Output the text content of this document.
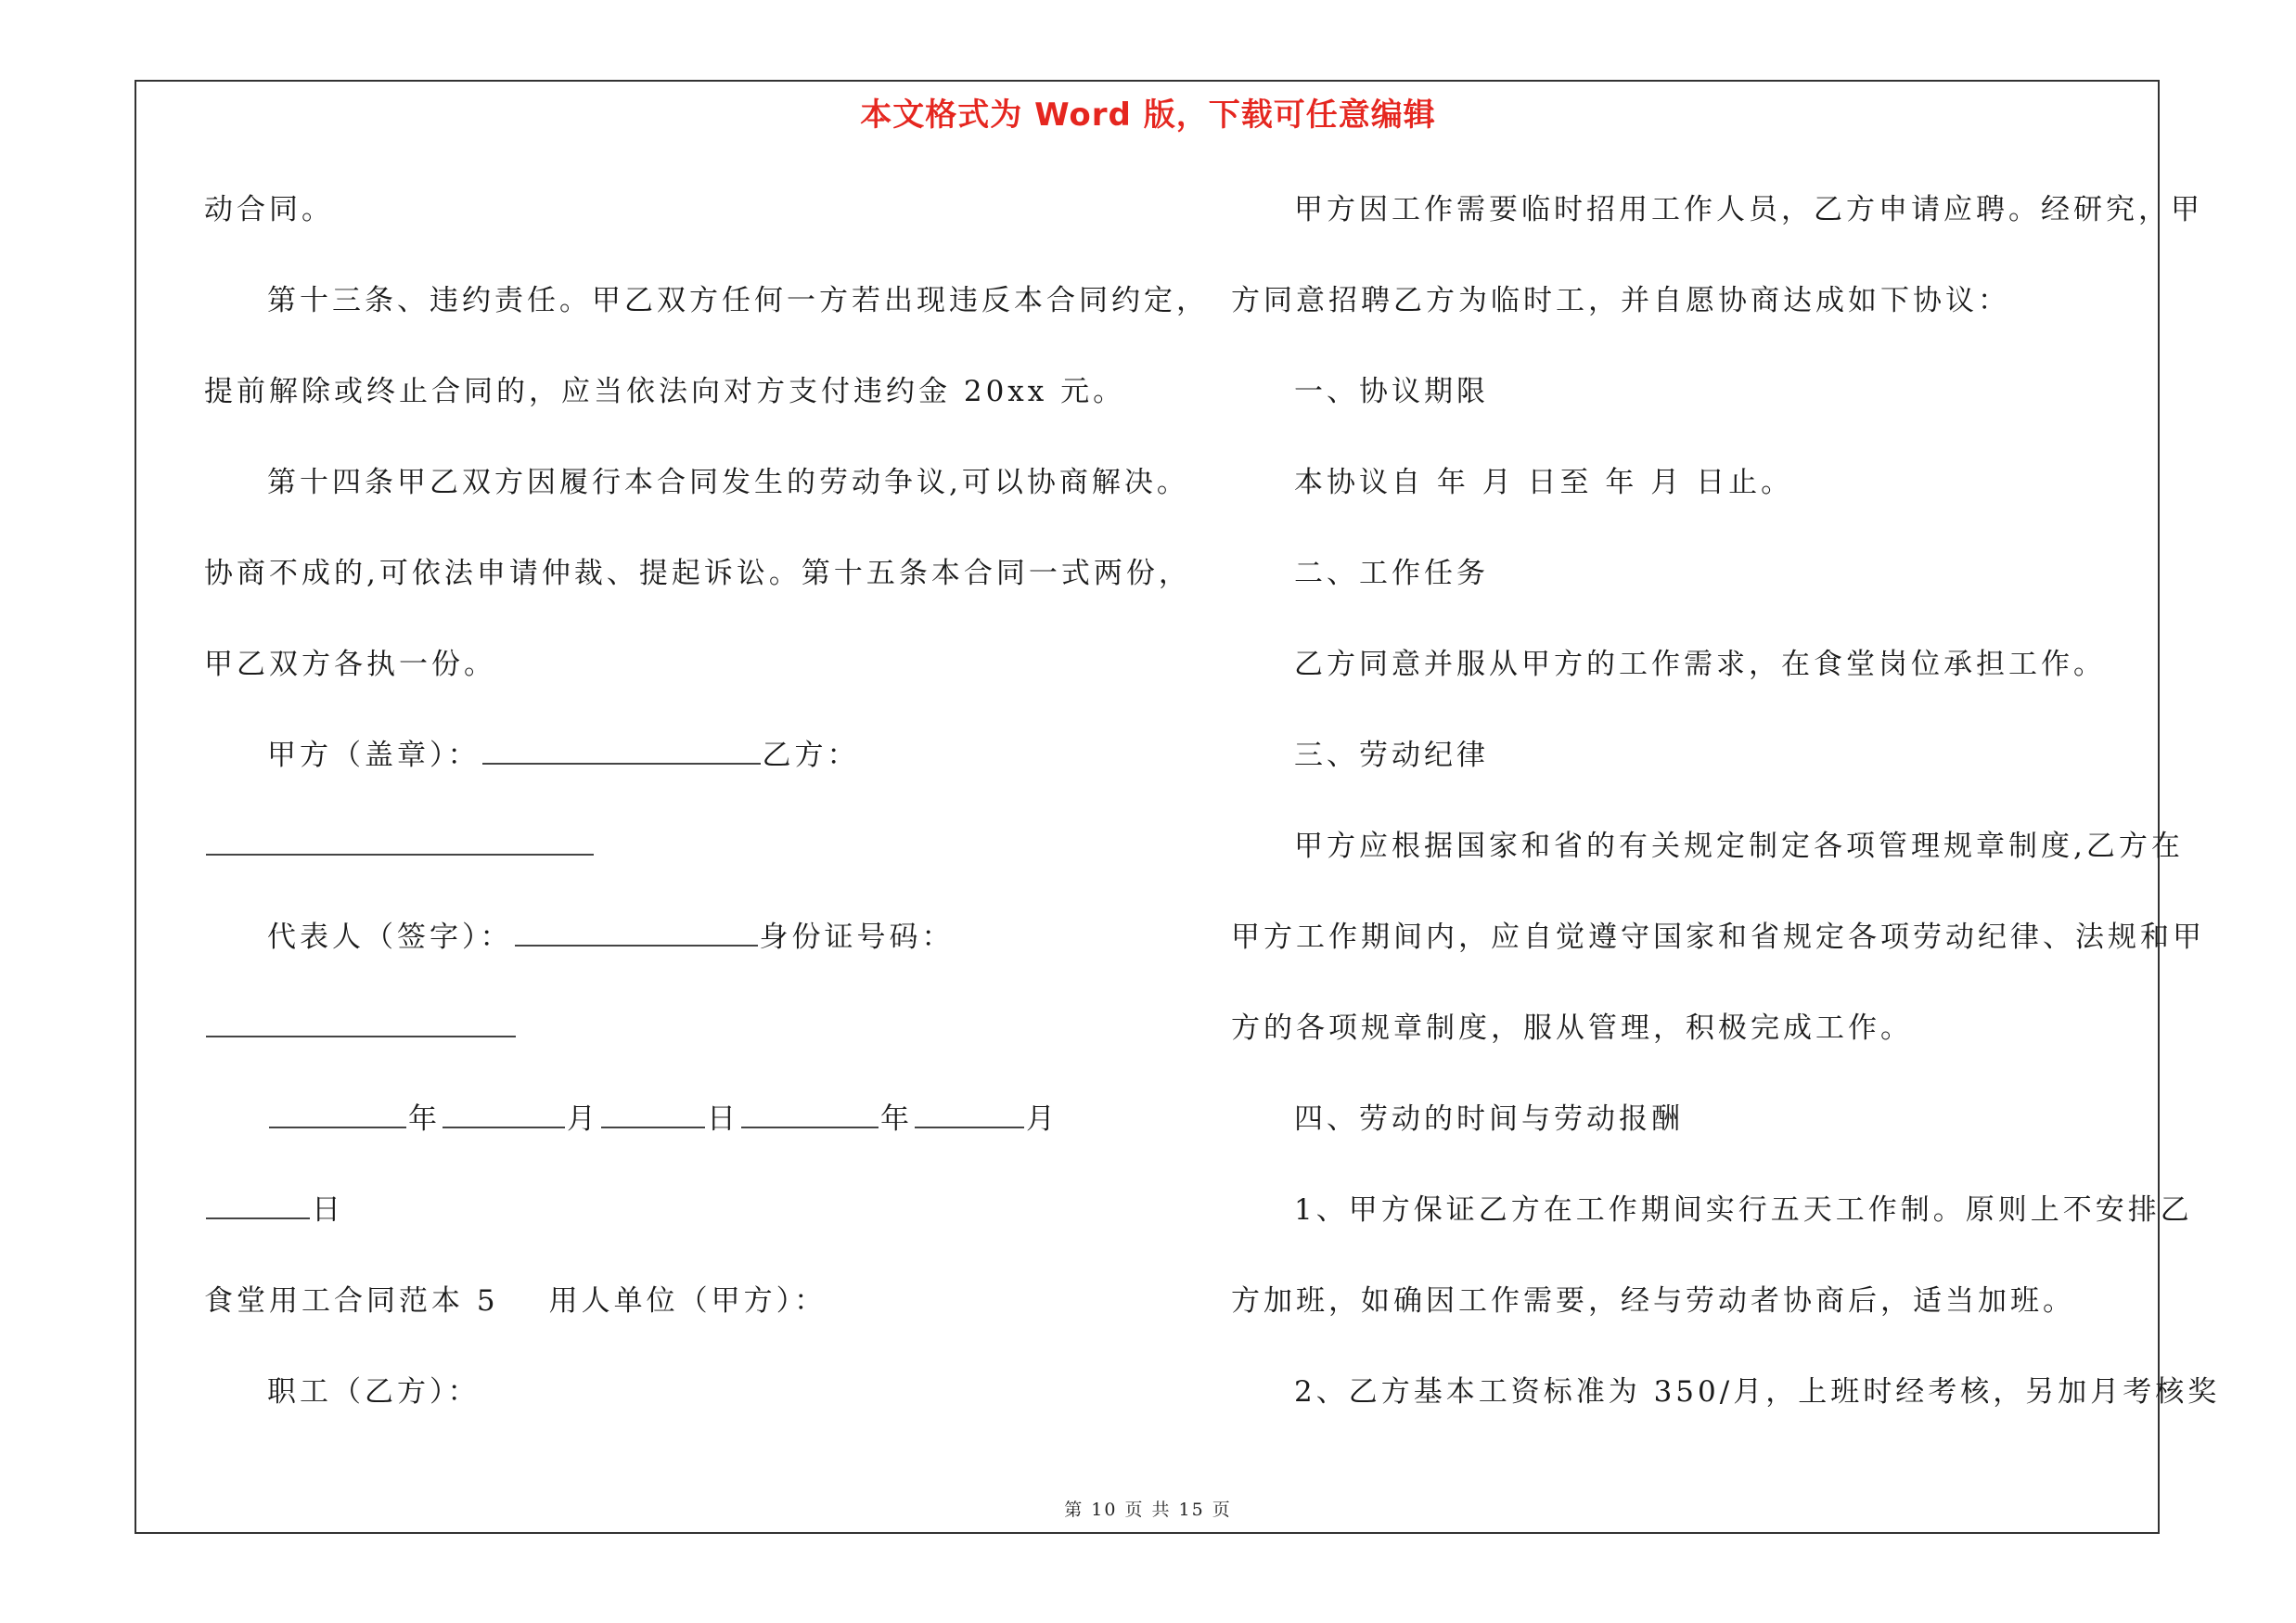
本文格式为 Word 版，下载可任意编辑
动合同。
第十三条、违约责任。甲乙双方任何一方若出现违反本合同约定，
提前解除或终止合同的，应当依法向对方支付违约金 20xx 元。
第十四条甲乙双方因履行本合同发生的劳动争议,可以协商解决。
协商不成的,可依法申请仲裁、提起诉讼。第十五条本合同一式两份，
甲乙双方各执一份。
甲方（盖章）：	乙方：
代表人（签字）：	身份证号码：
年	月	日	年	月
日
食堂用工合同范本 5 用人单位（甲方）：
职工（乙方）：
甲方因工作需要临时招用工作人员，乙方申请应聘。经研究，甲
方同意招聘乙方为临时工，并自愿协商达成如下协议：
一、协议期限
本协议自 年 月 日至 年 月 日止。
二、工作任务
乙方同意并服从甲方的工作需求，在食堂岗位承担工作。
三、劳动纪律
甲方应根据国家和省的有关规定制定各项管理规章制度,乙方在
甲方工作期间内，应自觉遵守国家和省规定各项劳动纪律、法规和甲
方的各项规章制度，服从管理，积极完成工作。
四、劳动的时间与劳动报酬
1、甲方保证乙方在工作期间实行五天工作制。原则上不安排乙
方加班，如确因工作需要，经与劳动者协商后，适当加班。
2、乙方基本工资标准为 350/月，上班时经考核，另加月考核奖
第 10 页 共 15 页
